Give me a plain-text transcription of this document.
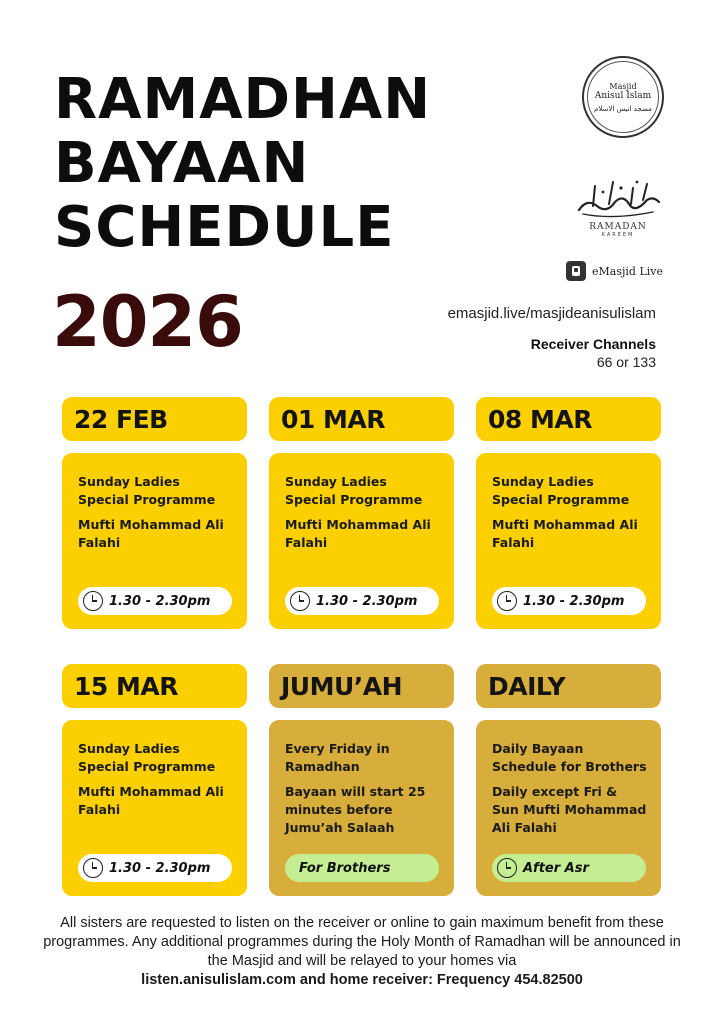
RAMADHAN
BAYAAN
SCHEDULE
2026
Masjid
Anisul Islam
مسجد انيس الاسلام
RAMADAN
KAREEM
eMasjid Live
emasjid.live/masjideanisulislam
Receiver Channels
66 or 133
22 FEB	01 MAR	08 MAR

Sunday Ladies Special Programme

Mufti Mohammad Ali Falahi

1.30 - 2.30pm

Sunday Ladies Special Programme

Mufti Mohammad Ali Falahi

1.30 - 2.30pm

Sunday Ladies Special Programme

Mufti Mohammad Ali Falahi

1.30 - 2.30pm
15 MAR	JUMU’AH	DAILY

Sunday Ladies Special Programme

Mufti Mohammad Ali Falahi

1.30 - 2.30pm

Every Friday in Ramadhan

Bayaan will start 25 minutes before Jumu’ah Salaah

For Brothers

Daily Bayaan Schedule for Brothers

Daily except Fri & Sun Mufti Mohammad Ali Falahi

After Asr
All sisters are requested to listen on the receiver or online to gain maximum benefit from these programmes. Any additional programmes during the Holy Month of Ramadhan will be announced in the Masjid and will be relayed to your homes via
listen.anisulislam.com and home receiver: Frequency 454.82500
